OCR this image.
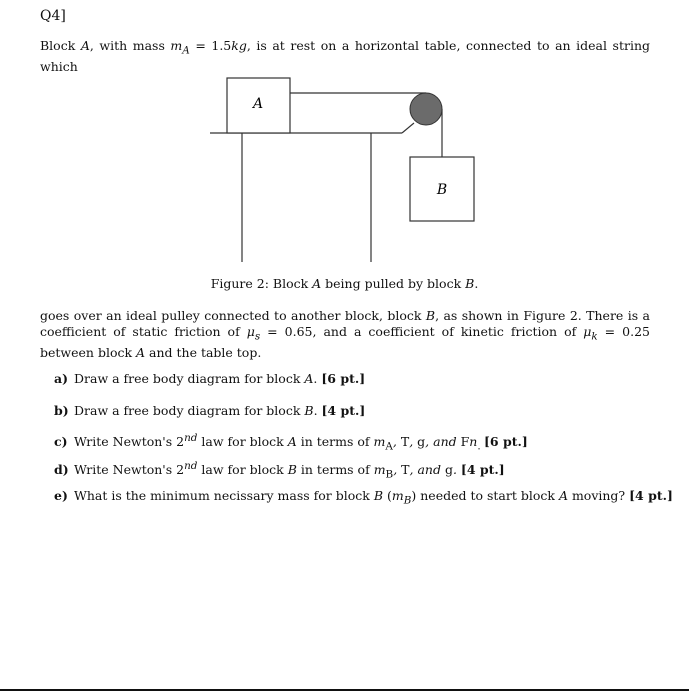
Q4]
Block A, with mass $m_A = 1.5kg$, is at rest on a horizontal table, connected to an ideal string which
A
B
Figure 2: Block A being pulled by block B.
goes over an ideal pulley connected to another block, block B, as shown in Figure 2. There is a coefficient of static friction of $\mu_s = 0.65$, and a coefficient of kinetic friction of $\mu_k = 0.25$ between block A and the table top.
a) Draw a free body diagram for block A. [6 pt.]
b) Draw a free body diagram for block B. [4 pt.]
c) Write Newton's 2nd law for block A in terms of $m_A$, T, g, and $Fn_.$ [6 pt.]
d) Write Newton's 2nd law for block B in terms of $m_B$, T, and g. [4 pt.]
e) What is the minimum necissary mass for block B $(m_B)$ needed to start block A moving? [4 pt.]
